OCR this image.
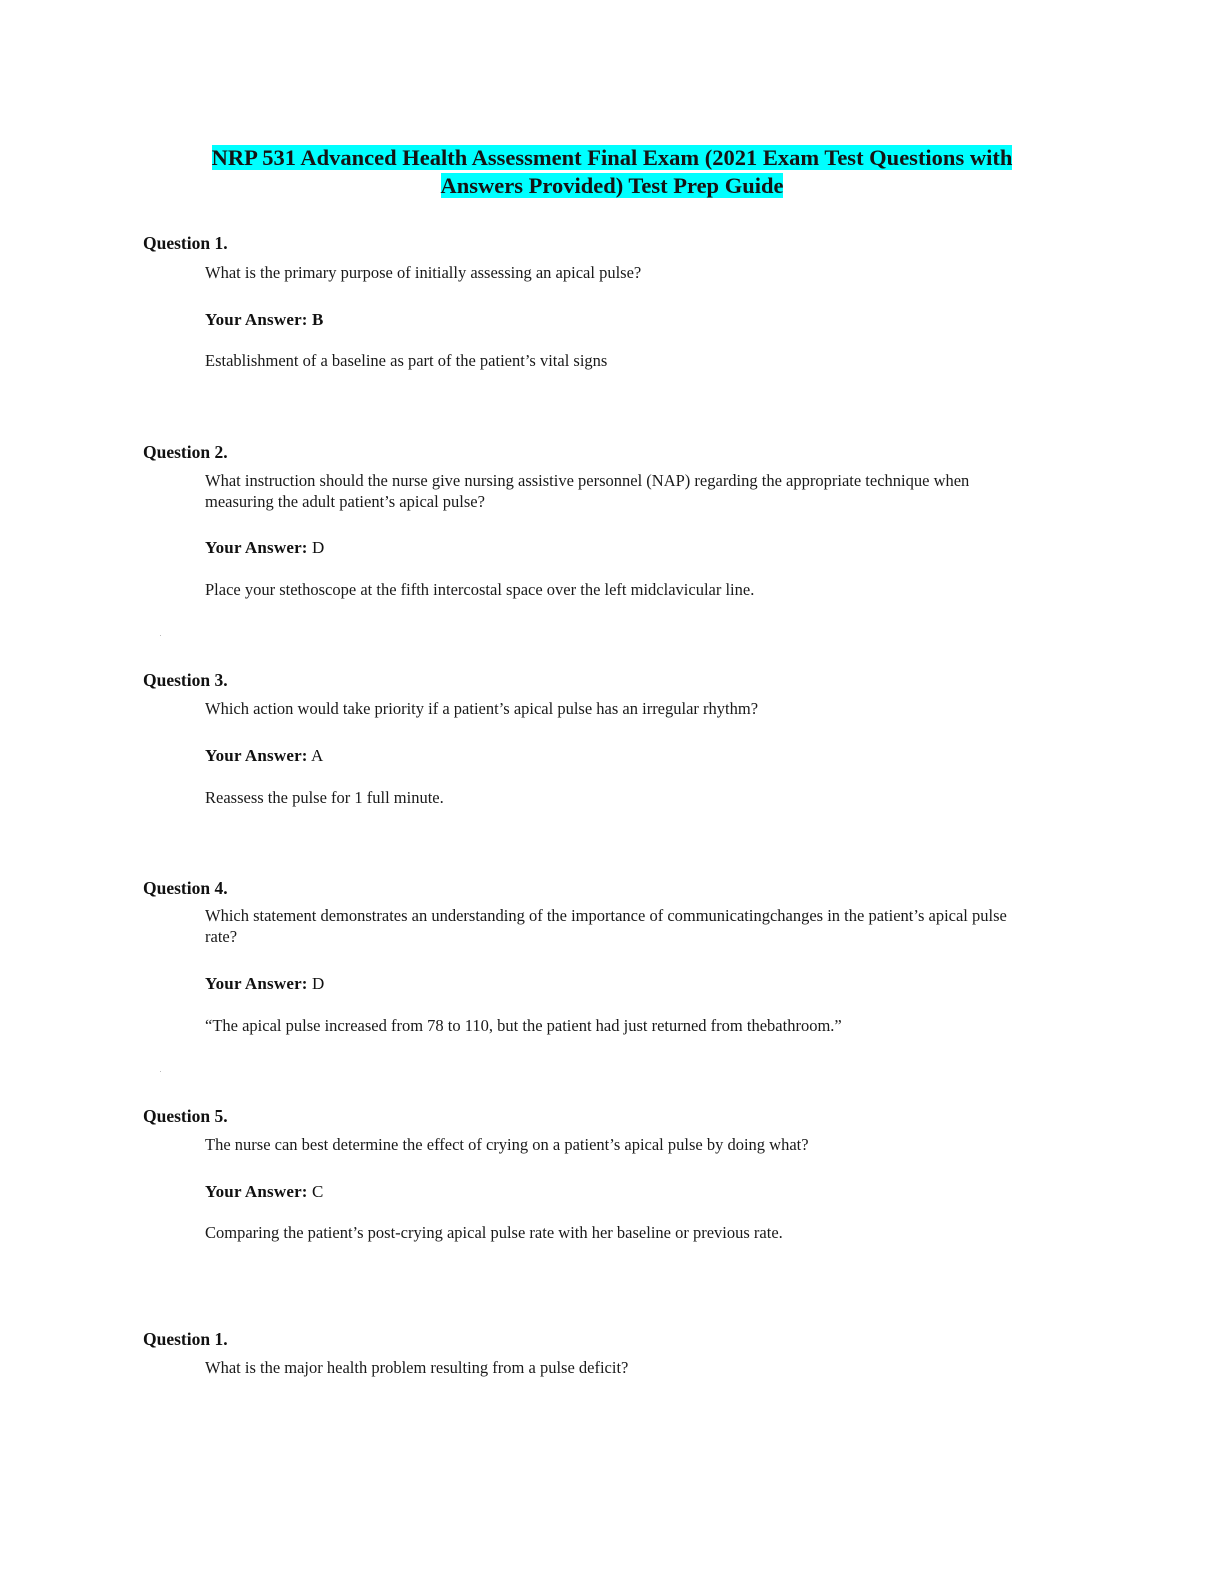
NRP 531 Advanced Health Assessment Final Exam (2021 Exam Test Questions with
Answers Provided) Test Prep Guide
Question 1.
What is the primary purpose of initially assessing an apical pulse?
Your Answer: B
Establishment of a baseline as part of the patient’s vital signs
Question 2.
What instruction should the nurse give nursing assistive personnel (NAP) regarding the appropriate technique when measuring the adult patient’s apical pulse?
Your Answer: D
Place your stethoscope at the fifth intercostal space over the left midclavicular line.
Question 3.
Which action would take priority if a patient’s apical pulse has an irregular rhythm?
Your Answer: A
Reassess the pulse for 1 full minute.
Question 4.
Which statement demonstrates an understanding of the importance of communicatingchanges in the patient’s apical pulse rate?
Your Answer: D
“The apical pulse increased from 78 to 110, but the patient had just returned from thebathroom.”
Question 5.
The nurse can best determine the effect of crying on a patient’s apical pulse by doing what?
Your Answer: C
Comparing the patient’s post-crying apical pulse rate with her baseline or previous rate.
Question 1.
What is the major health problem resulting from a pulse deficit?
